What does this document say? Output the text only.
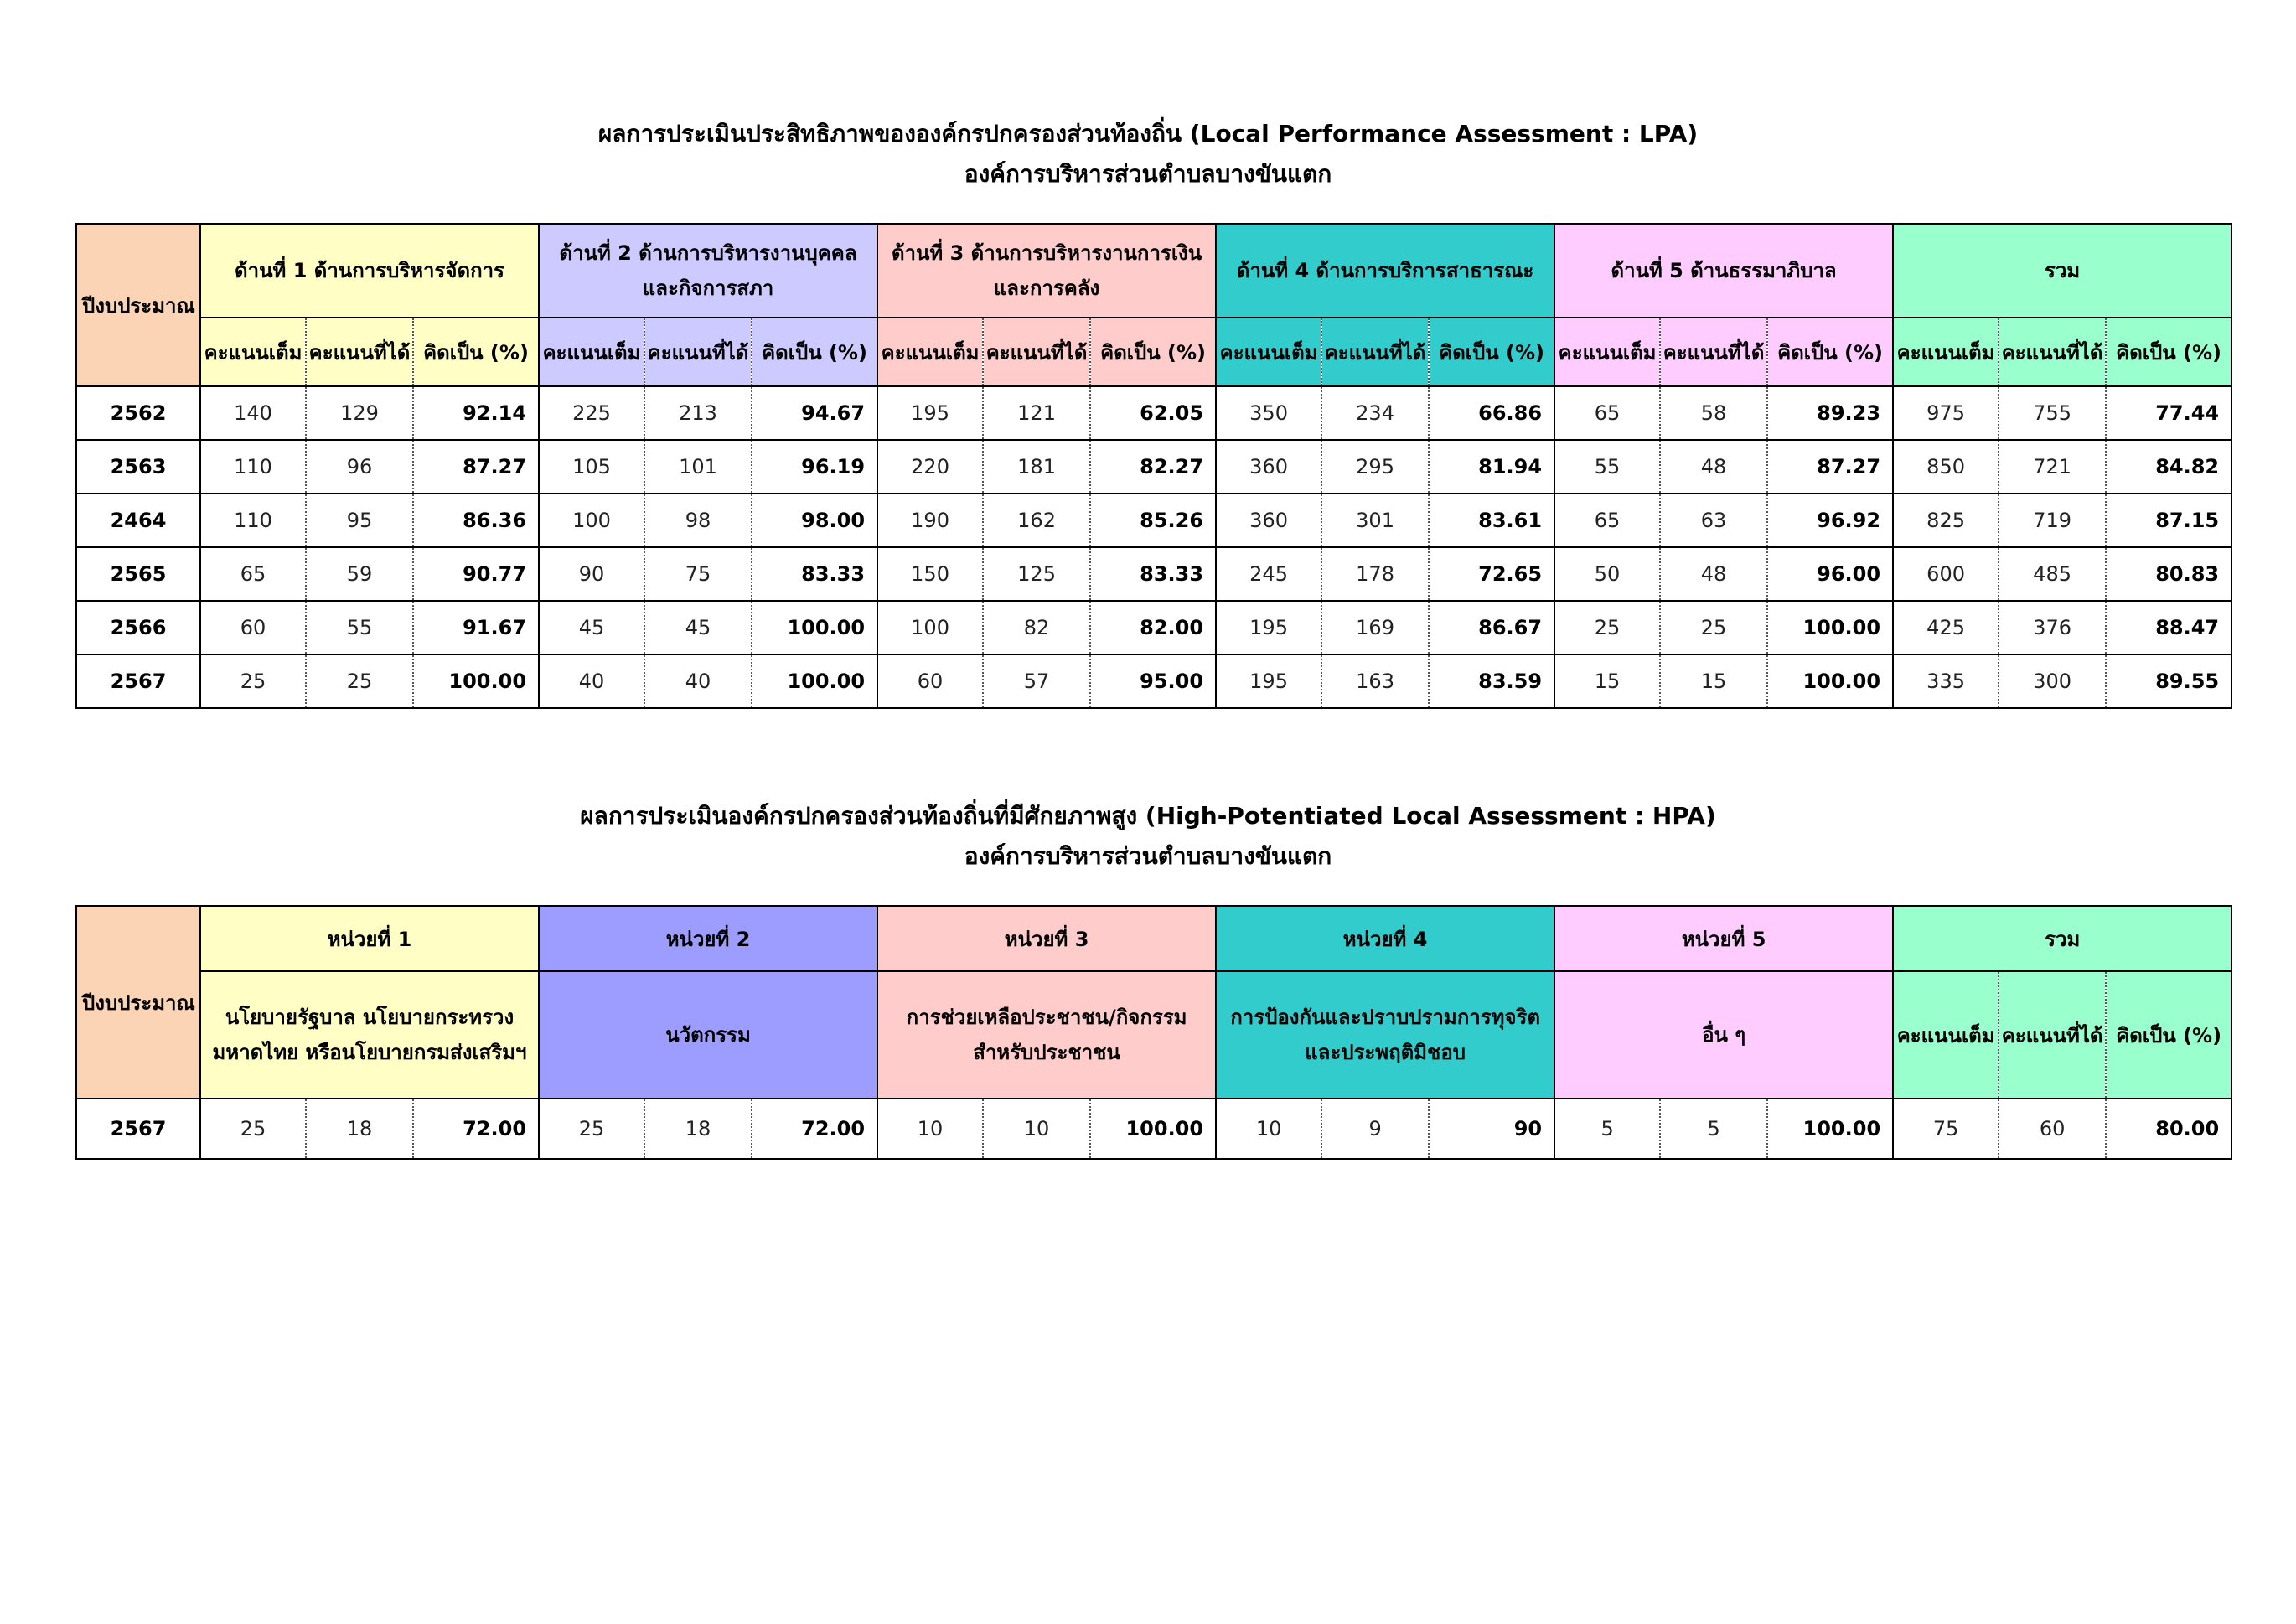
ผลการประเมินประสิทธิภาพขององค์กรปกครองส่วนท้องถิ่น (Local Performance Assessment : LPA)
องค์การบริหารส่วนตำบลบางขันแตก
ปีงบประมาณ	ด้านที่ 1 ด้านการบริหารจัดการ			ด้านที่ 2 ด้านการบริหารงานบุคคลและกิจการสภา			ด้านที่ 3 ด้านการบริหารงานการเงินและการคลัง			ด้านที่ 4 ด้านการบริการสาธารณะ			ด้านที่ 5 ด้านธรรมาภิบาล			รวม		
	คะแนนเต็ม	คะแนนที่ได้	คิดเป็น (%)	คะแนนเต็ม	คะแนนที่ได้	คิดเป็น (%)	คะแนนเต็ม	คะแนนที่ได้	คิดเป็น (%)	คะแนนเต็ม	คะแนนที่ได้	คิดเป็น (%)	คะแนนเต็ม	คะแนนที่ได้	คิดเป็น (%)	คะแนนเต็ม	คะแนนที่ได้	คิดเป็น (%)
2562	140	129	92.14	225	213	94.67	195	121	62.05	350	234	66.86	65	58	89.23	975	755	77.44
2563	110	96	87.27	105	101	96.19	220	181	82.27	360	295	81.94	55	48	87.27	850	721	84.82
2464	110	95	86.36	100	98	98.00	190	162	85.26	360	301	83.61	65	63	96.92	825	719	87.15
2565	65	59	90.77	90	75	83.33	150	125	83.33	245	178	72.65	50	48	96.00	600	485	80.83
2566	60	55	91.67	45	45	100.00	100	82	82.00	195	169	86.67	25	25	100.00	425	376	88.47
2567	25	25	100.00	40	40	100.00	60	57	95.00	195	163	83.59	15	15	100.00	335	300	89.55
ผลการประเมินองค์กรปกครองส่วนท้องถิ่นที่มีศักยภาพสูง (High-Potentiated Local Assessment : HPA)
องค์การบริหารส่วนตำบลบางขันแตก
ปีงบประมาณ	หน่วยที่ 1			หน่วยที่ 2			หน่วยที่ 3			หน่วยที่ 4			หน่วยที่ 5			รวม		
	นโยบายรัฐบาล นโยบายกระทรวงมหาดไทย หรือนโยบายกรมส่งเสริมฯ			นวัตกรรม			การช่วยเหลือประชาชน/กิจกรรมสำหรับประชาชน			การป้องกันและปราบปรามการทุจริตและประพฤติมิชอบ			อื่น ๆ			คะแนนเต็ม	คะแนนที่ได้	คิดเป็น (%)
2567	25	18	72.00	25	18	72.00	10	10	100.00	10	9	90	5	5	100.00	75	60	80.00
